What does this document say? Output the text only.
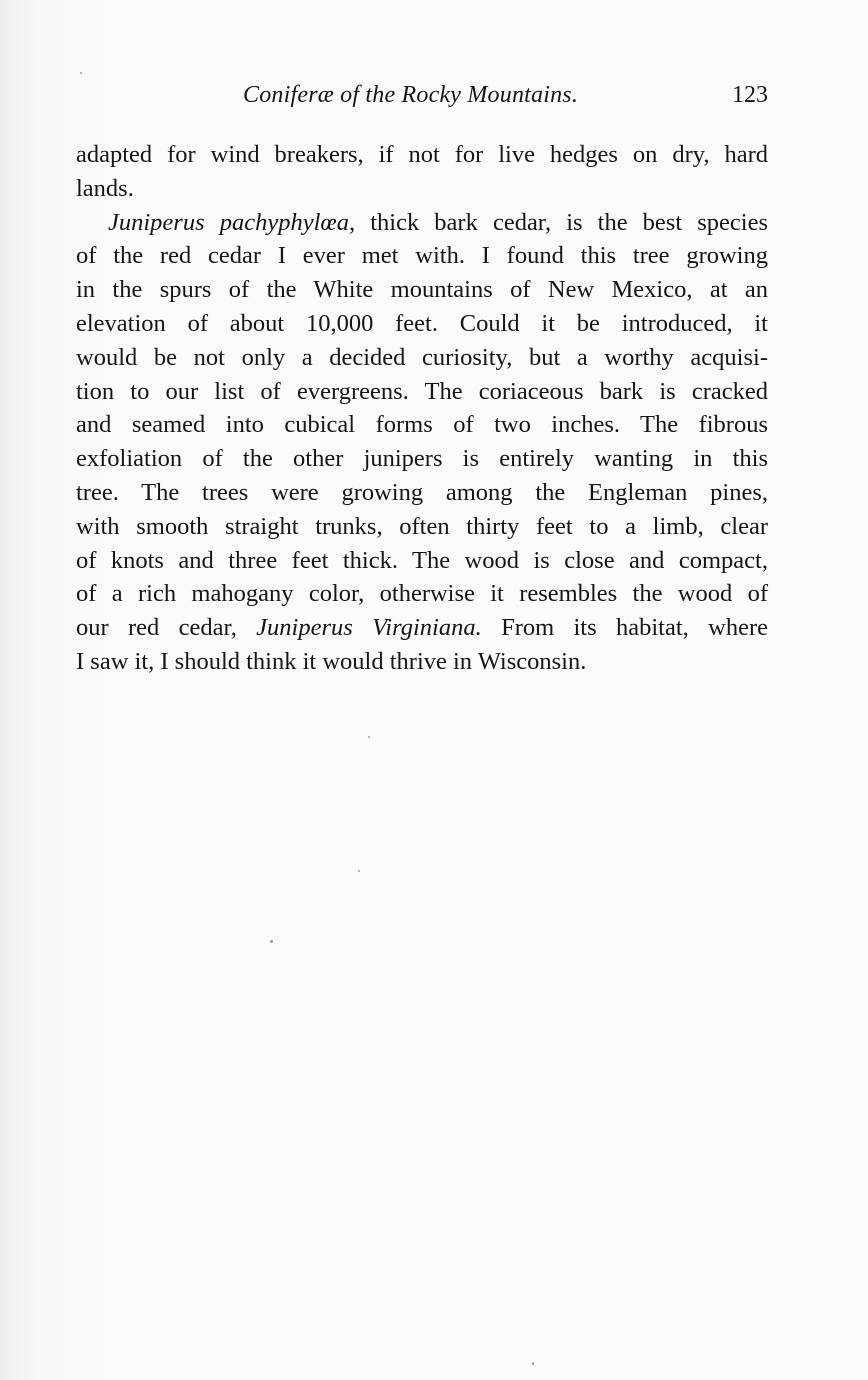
Coniferæ of the Rocky Mountains.	123
adapted for wind breakers, if not for live hedges on dry, hard
lands.
Juniperus pachyphylœa, thick bark cedar, is the best species
of the red cedar I ever met with. I found this tree growing
in the spurs of the White mountains of New Mexico, at an
elevation of about 10,000 feet. Could it be introduced, it
would be not only a decided curiosity, but a worthy acquisi-
tion to our list of evergreens. The coriaceous bark is cracked
and seamed into cubical forms of two inches. The fibrous
exfoliation of the other junipers is entirely wanting in this
tree. The trees were growing among the Engleman pines,
with smooth straight trunks, often thirty feet to a limb, clear
of knots and three feet thick. The wood is close and compact,
of a rich mahogany color, otherwise it resembles the wood of
our red cedar, Juniperus Virginiana. From its habitat, where
I saw it, I should think it would thrive in Wisconsin.
